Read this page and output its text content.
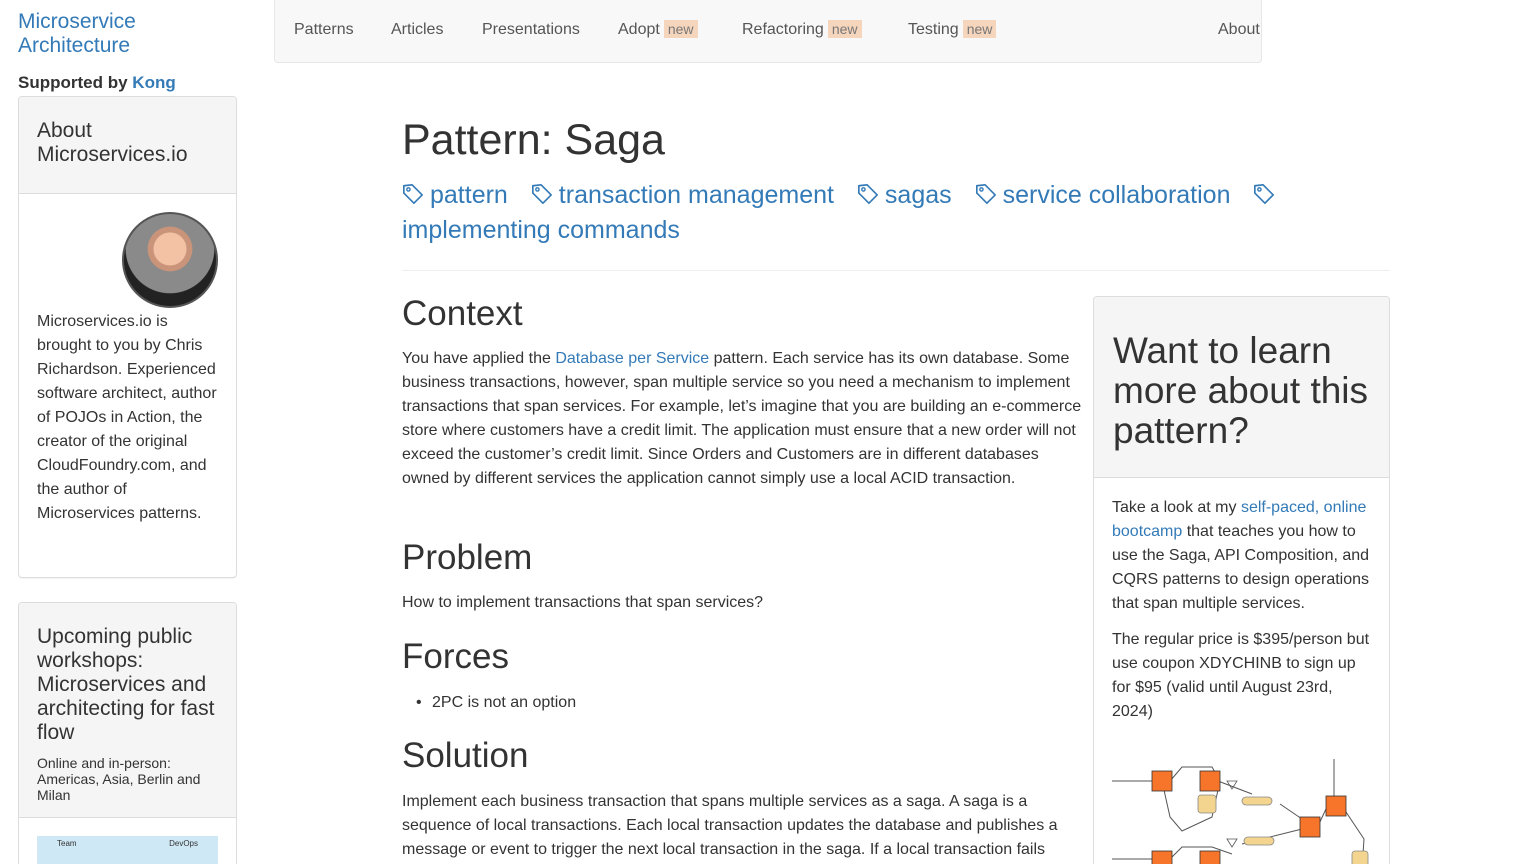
Microservice
Architecture
Supported by Kong
About Microservices.io
Microservices.io is brought to you by Chris Richardson. Experienced software architect, author of POJOs in Action, the creator of the original CloudFoundry.com, and the author of Microservices patterns.
Upcoming public workshops: Microservices and architecting for fast flow
Online and in-person: Americas, Asia, Berlin and Milan
Team	DevOps
Patterns Articles Presentations Adopt new	Refactoring new	Testing new	About
Pattern: Saga
pattern transaction management sagas service collaboration implementing commands
Context
You have applied the Database per Service pattern. Each service has its own database. Some business transactions, however, span multiple service so you need a mechanism to implement transactions that span services. For example, let’s imagine that you are building an e-commerce store where customers have a credit limit. The application must ensure that a new order will not exceed the customer’s credit limit. Since Orders and Customers are in different databases owned by different services the application cannot simply use a local ACID transaction.
Problem
How to implement transactions that span services?
Forces
• 2PC is not an option
Solution
Implement each business transaction that spans multiple services as a saga. A saga is a sequence of local transactions. Each local transaction updates the database and publishes a message or event to trigger the next local transaction in the saga. If a local transaction fails
Want to learn more about this pattern?

Take a look at my self-paced, online bootcamp that teaches you how to use the Saga, API Composition, and CQRS patterns to design operations that span multiple services.

The regular price is $395/person but use coupon XDYCHINB to sign up for $95 (valid until August 23rd, 2024)
